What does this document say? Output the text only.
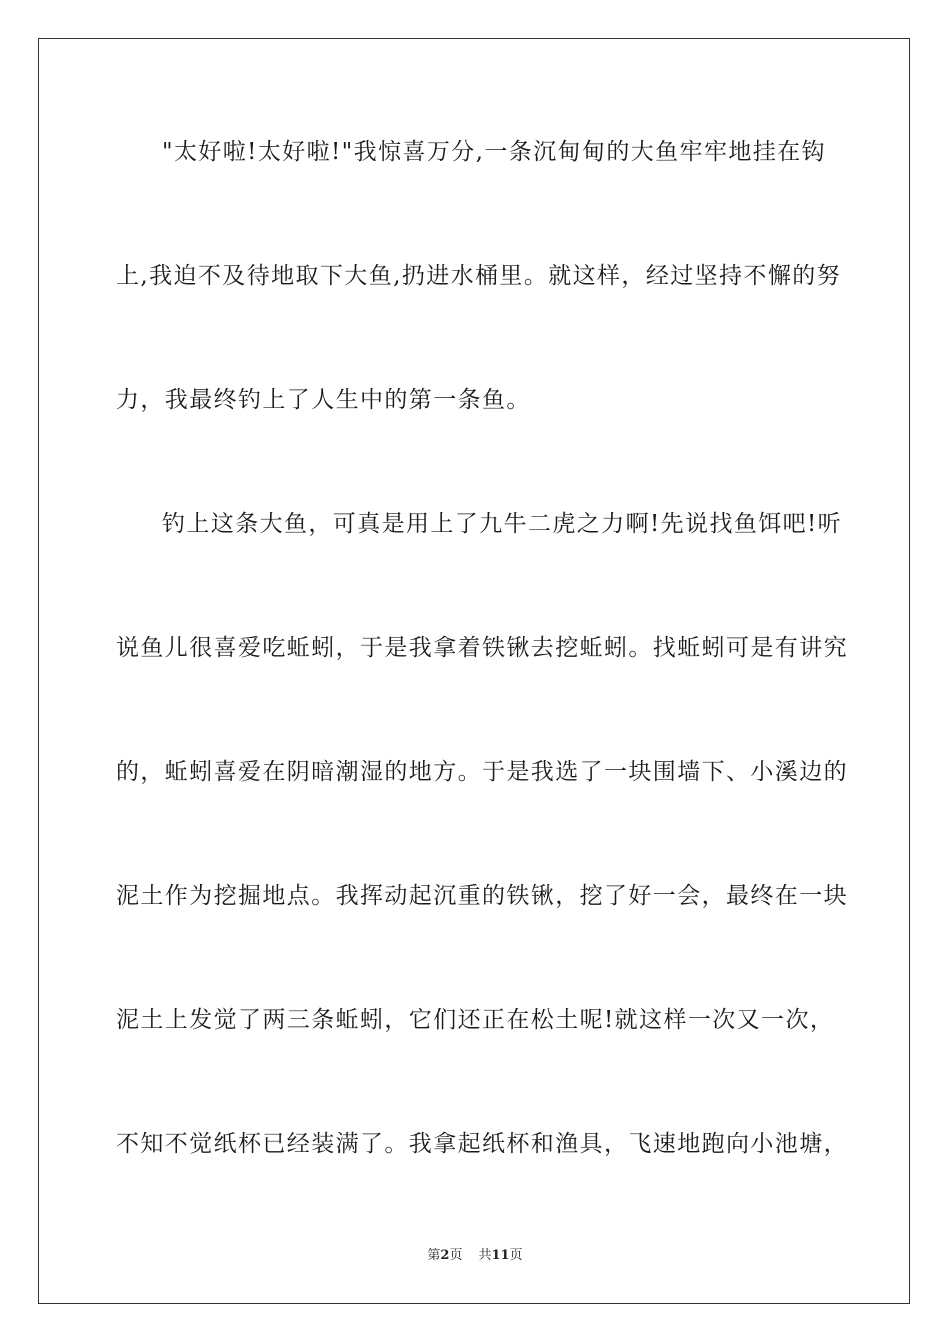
"太好啦!太好啦!"我惊喜万分,一条沉甸甸的大鱼牢牢地挂在钩
上,我迫不及待地取下大鱼,扔进水桶里。就这样，经过坚持不懈的努
力，我最终钓上了人生中的第一条鱼。
钓上这条大鱼，可真是用上了九牛二虎之力啊!先说找鱼饵吧!听
说鱼儿很喜爱吃蚯蚓，于是我拿着铁锹去挖蚯蚓。找蚯蚓可是有讲究
的，蚯蚓喜爱在阴暗潮湿的地方。于是我选了一块围墙下、小溪边的
泥土作为挖掘地点。我挥动起沉重的铁锹，挖了好一会，最终在一块
泥土上发觉了两三条蚯蚓，它们还正在松土呢!就这样一次又一次，
不知不觉纸杯已经装满了。我拿起纸杯和渔具，飞速地跑向小池塘，
第2页 共11页
